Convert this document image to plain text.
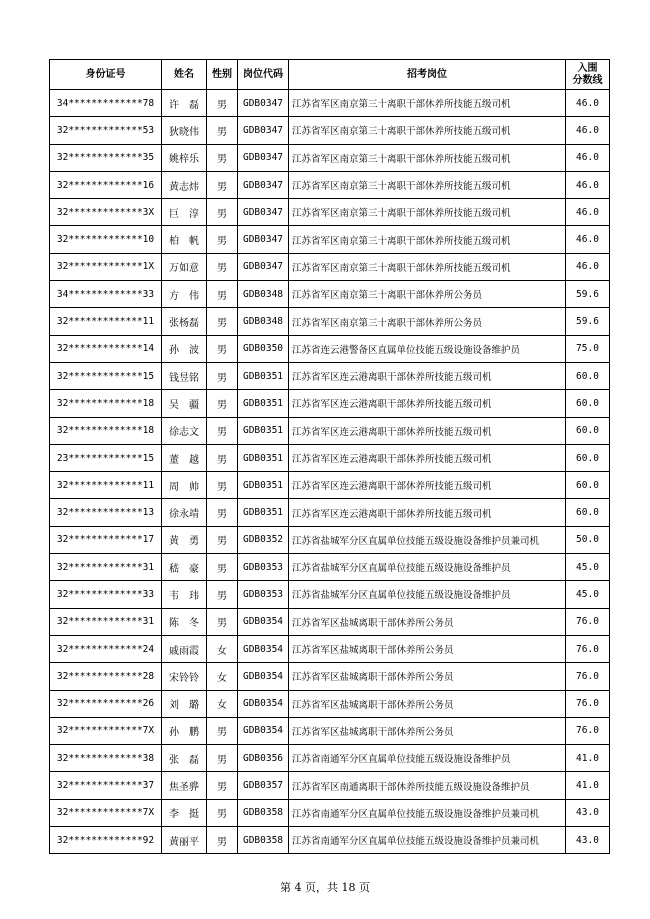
身份证号	姓名	性别	岗位代码	招考岗位	入围
分数线

34*************78	许　磊	男	GDB0347	江苏省军区南京第三十离职干部休养所技能五级司机	46.0
32*************53	狄晓伟	男	GDB0347	江苏省军区南京第三十离职干部休养所技能五级司机	46.0
32*************35	姚梓乐	男	GDB0347	江苏省军区南京第三十离职干部休养所技能五级司机	46.0
32*************16	黄志炜	男	GDB0347	江苏省军区南京第三十离职干部休养所技能五级司机	46.0
32*************3X	巨　淳	男	GDB0347	江苏省军区南京第三十离职干部休养所技能五级司机	46.0
32*************10	柏　帆	男	GDB0347	江苏省军区南京第三十离职干部休养所技能五级司机	46.0
32*************1X	万如意	男	GDB0347	江苏省军区南京第三十离职干部休养所技能五级司机	46.0
34*************33	方　伟	男	GDB0348	江苏省军区南京第三十离职干部休养所公务员	59.6
32*************11	张杨磊	男	GDB0348	江苏省军区南京第三十离职干部休养所公务员	59.6
32*************14	孙　波	男	GDB0350	江苏省连云港警备区直属单位技能五级设施设备维护员	75.0
32*************15	钱昱铭	男	GDB0351	江苏省军区连云港离职干部休养所技能五级司机	60.0
32*************18	吴　疆	男	GDB0351	江苏省军区连云港离职干部休养所技能五级司机	60.0
32*************18	徐志文	男	GDB0351	江苏省军区连云港离职干部休养所技能五级司机	60.0
23*************15	董　越	男	GDB0351	江苏省军区连云港离职干部休养所技能五级司机	60.0
32*************11	周　帅	男	GDB0351	江苏省军区连云港离职干部休养所技能五级司机	60.0
32*************13	徐永靖	男	GDB0351	江苏省军区连云港离职干部休养所技能五级司机	60.0
32*************17	黄　勇	男	GDB0352	江苏省盐城军分区直属单位技能五级设施设备维护员兼司机	50.0
32*************31	嵇　豪	男	GDB0353	江苏省盐城军分区直属单位技能五级设施设备维护员	45.0
32*************33	韦　玮	男	GDB0353	江苏省盐城军分区直属单位技能五级设施设备维护员	45.0
32*************31	陈　冬	男	GDB0354	江苏省军区盐城离职干部休养所公务员	76.0
32*************24	戚雨霞	女	GDB0354	江苏省军区盐城离职干部休养所公务员	76.0
32*************28	宋铃铃	女	GDB0354	江苏省军区盐城离职干部休养所公务员	76.0
32*************26	刘　璐	女	GDB0354	江苏省军区盐城离职干部休养所公务员	76.0
32*************7X	孙　鹏	男	GDB0354	江苏省军区盐城离职干部休养所公务员	76.0
32*************38	张　磊	男	GDB0356	江苏省南通军分区直属单位技能五级设施设备维护员	41.0
32*************37	焦圣骅	男	GDB0357	江苏省军区南通离职干部休养所技能五级设施设备维护员	41.0
32*************7X	李　挺	男	GDB0358	江苏省南通军分区直属单位技能五级设施设备维护员兼司机	43.0
32*************92	黄丽平	男	GDB0358	江苏省南通军分区直属单位技能五级设施设备维护员兼司机	43.0
第 4 页，共 18 页
